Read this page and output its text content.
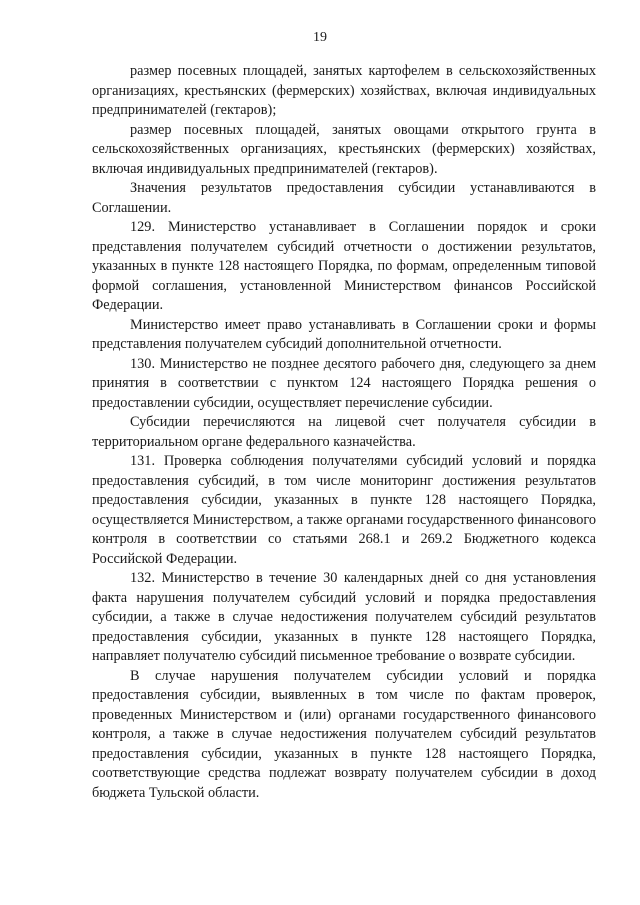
19

размер посевных площадей, занятых картофелем в сельскохозяйственных организациях, крестьянских (фермерских) хозяйствах, включая индивидуальных предпринимателей (гектаров);

размер посевных площадей, занятых овощами открытого грунта в сельскохозяйственных организациях, крестьянских (фермерских) хозяйствах, включая индивидуальных предпринимателей (гектаров).

Значения результатов предоставления субсидии устанавливаются в Соглашении.

129. Министерство устанавливает в Соглашении порядок и сроки представления получателем субсидий отчетности о достижении результатов, указанных в пункте 128 настоящего Порядка, по формам, определенным типовой формой соглашения, установленной Министерством финансов Российской Федерации.

Министерство имеет право устанавливать в Соглашении сроки и формы представления получателем субсидий дополнительной отчетности.

130. Министерство не позднее десятого рабочего дня, следующего за днем принятия в соответствии с пунктом 124 настоящего Порядка решения о предоставлении субсидии, осуществляет перечисление субсидии.

Субсидии перечисляются на лицевой счет получателя субсидии в территориальном органе федерального казначейства.

131. Проверка соблюдения получателями субсидий условий и порядка предоставления субсидий, в том числе мониторинг достижения результатов предоставления субсидии, указанных в пункте 128 настоящего Порядка, осуществляется Министерством, а также органами государственного финансового контроля в соответствии со статьями 268.1 и 269.2 Бюджетного кодекса Российской Федерации.

132. Министерство в течение 30 календарных дней со дня установления факта нарушения получателем субсидий условий и порядка предоставления субсидии, а также в случае недостижения получателем субсидий результатов предоставления субсидии, указанных в пункте 128 настоящего Порядка, направляет получателю субсидий письменное требование о возврате субсидии.

В случае нарушения получателем субсидии условий и порядка предоставления субсидии, выявленных в том числе по фактам проверок, проведенных Министерством и (или) органами государственного финансового контроля, а также в случае недостижения получателем субсидий результатов предоставления субсидии, указанных в пункте 128 настоящего Порядка, соответствующие средства подлежат возврату получателем субсидии в доход бюджета Тульской области.
